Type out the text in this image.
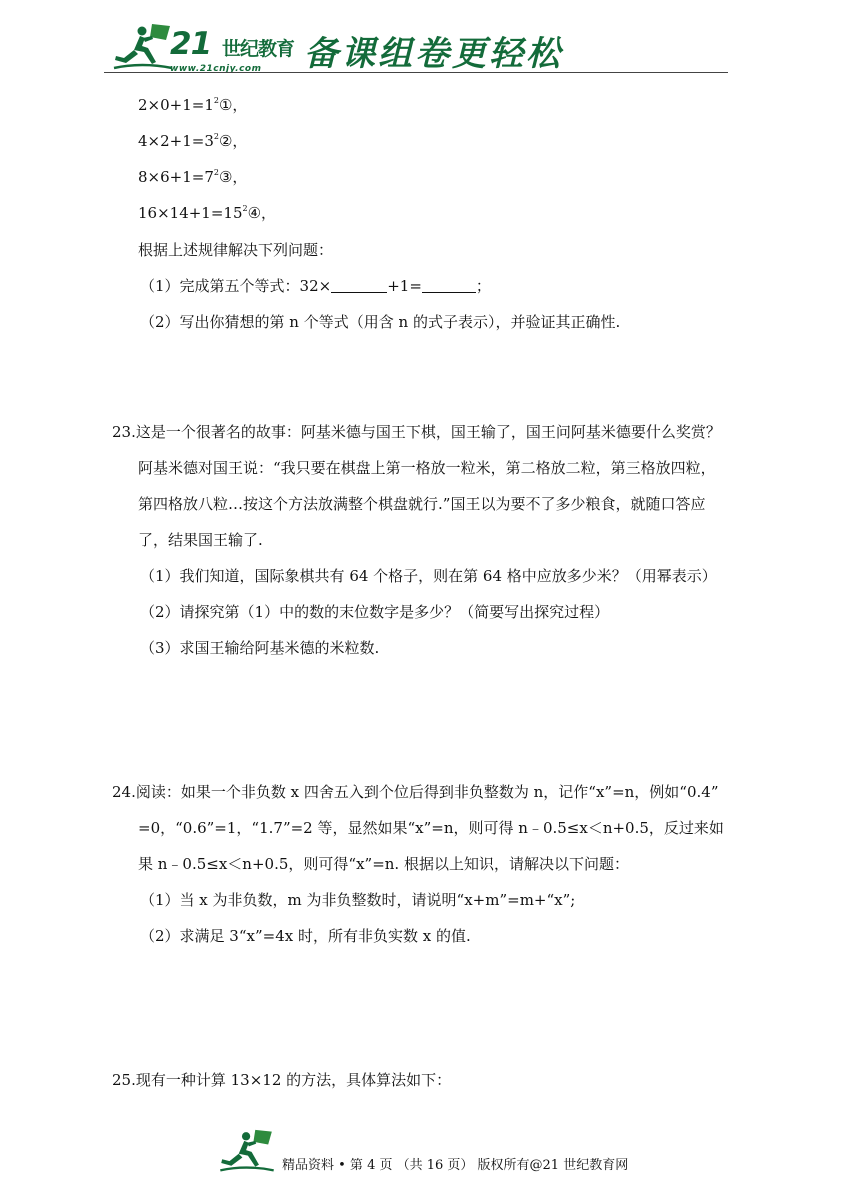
21 世纪教育
www.21cnjy.com 备课组卷更轻松
$2\times 0+1=1^2①$，
$4\times 2+1=3^2②$，
$8\times 6+1=7^2③$，
$16\times 14+1=15^2④$，
根据上述规律解决下列问题：
（1）完成第五个等式：32×	+1=	；
（2）写出你猜想的第 n 个等式（用含 n 的式子表示），并验证其正确性.
23.这是一个很著名的故事：阿基米德与国王下棋，国王输了，国王问阿基米德要什么奖赏？
阿基米德对国王说：“我只要在棋盘上第一格放一粒米，第二格放二粒，第三格放四粒，
第四格放八粒…按这个方法放满整个棋盘就行.”国王以为要不了多少粮食，就随口答应
了，结果国王输了.
（1）我们知道，国际象棋共有 64 个格子，则在第 64 格中应放多少米？（用幂表示）
（2）请探究第（1）中的数的末位数字是多少？（简要写出探究过程）
（3）求国王输给阿基米德的米粒数.
24.阅读：如果一个非负数 x 四舍五入到个位后得到非负整数为 n，记作“x”=n，例如“0.4”
=0，“0.6”=1，“1.7”=2 等，显然如果“x”=n，则可得 n﹣0.5≤x＜n+0.5，反过来如
果 n﹣0.5≤x＜n+0.5，则可得“x”=n. 根据以上知识，请解决以下问题：
（1）当 x 为非负数，m 为非负整数时，请说明“x+m”=m+“x”;
（2）求满足 3“x”=4x 时，所有非负实数 x 的值.
25.现有一种计算 13×12 的方法，具体算法如下：
精品资料 • 第 4 页 （共 16 页） 版权所有@21 世纪教育网
